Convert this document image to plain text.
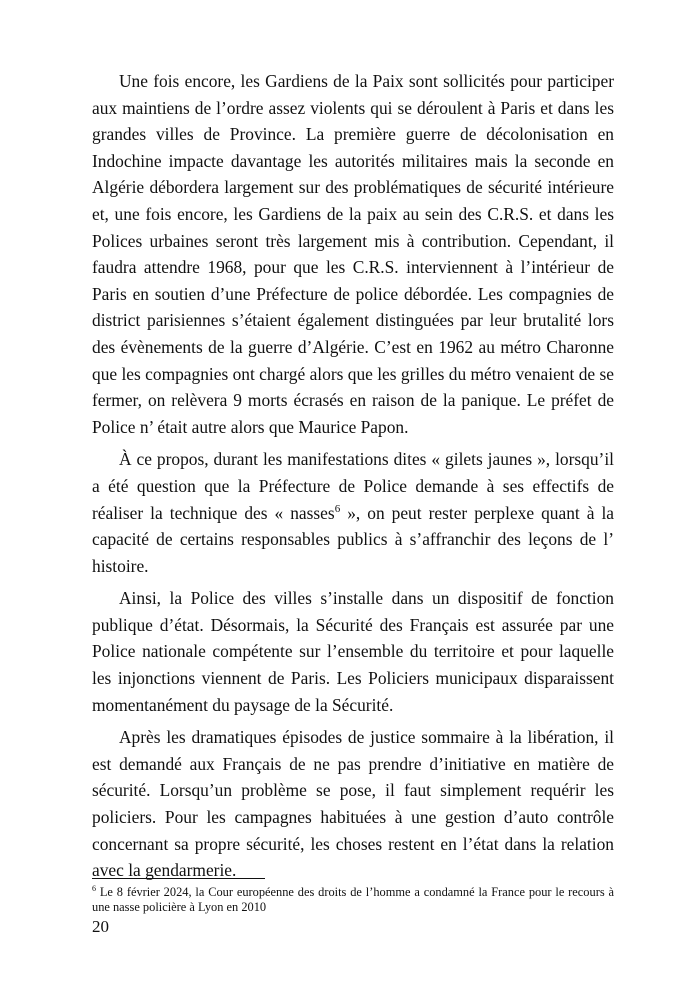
Une fois encore, les Gardiens de la Paix sont sollicités pour participer aux maintiens de l’ordre assez violents qui se déroulent à Paris et dans les grandes villes de Province. La première guerre de décolonisation en Indochine impacte davantage les autorités militaires mais la seconde en Algérie débordera largement sur des problématiques de sécurité intérieure et, une fois encore, les Gardiens de la paix au sein des C.R.S. et dans les Polices urbaines seront très largement mis à contribution. Cependant, il faudra attendre 1968, pour que les C.R.S. interviennent à l’intérieur de Paris en soutien d’une Préfecture de police débordée. Les compagnies de district parisiennes s’étaient également distinguées par leur brutalité lors des évènements de la guerre d’Algérie. C’est en 1962 au métro Charonne que les compagnies ont chargé alors que les grilles du métro venaient de se fermer, on relèvera 9 morts écrasés en raison de la panique. Le préfet de Police n’ était autre alors que Maurice Papon.

À ce propos, durant les manifestations dites « gilets jaunes », lorsqu’il a été question que la Préfecture de Police demande à ses effectifs de réaliser la technique des « nasses$^6$ », on peut rester perplexe quant à la capacité de certains responsables publics à s’affranchir des leçons de l’ histoire.

Ainsi, la Police des villes s’installe dans un dispositif de fonction publique d’état. Désormais, la Sécurité des Français est assurée par une Police nationale compétente sur l’ensemble du territoire et pour laquelle les injonctions viennent de Paris. Les Policiers municipaux disparaissent momentanément du paysage de la Sécurité.

Après les dramatiques épisodes de justice sommaire à la libération, il est demandé aux Français de ne pas prendre d’initiative en matière de sécurité. Lorsqu’un problème se pose, il faut simplement requérir les policiers. Pour les campagnes habituées à une gestion d’auto contrôle concernant sa propre sécurité, les choses restent en l’état dans la relation avec la gendarmerie.

$^6$ Le 8 février 2024, la Cour européenne des droits de l’homme a condamné la France pour le recours à une nasse policière à Lyon en 2010
20
